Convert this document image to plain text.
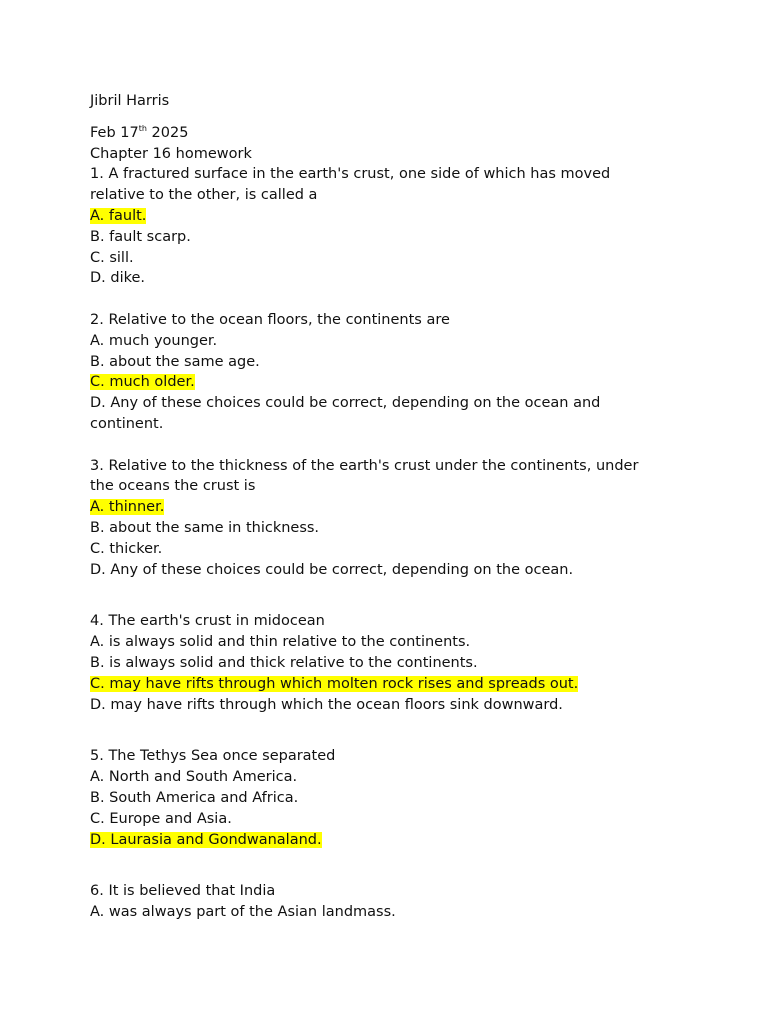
Jibril Harris
Feb 17th 2025
Chapter 16 homework
1. A fractured surface in the earth's crust, one side of which has moved
relative to the other, is called a
A. fault.
B. fault scarp.
C. sill.
D. dike.
2. Relative to the ocean floors, the continents are
A. much younger.
B. about the same age.
C. much older.
D. Any of these choices could be correct, depending on the ocean and
continent.
3. Relative to the thickness of the earth's crust under the continents, under
the oceans the crust is
A. thinner.
B. about the same in thickness.
C. thicker.
D. Any of these choices could be correct, depending on the ocean.
4. The earth's crust in midocean
A. is always solid and thin relative to the continents.
B. is always solid and thick relative to the continents.
C. may have rifts through which molten rock rises and spreads out.
D. may have rifts through which the ocean floors sink downward.
5. The Tethys Sea once separated
A. North and South America.
B. South America and Africa.
C. Europe and Asia.
D. Laurasia and Gondwanaland.
6. It is believed that India
A. was always part of the Asian landmass.
